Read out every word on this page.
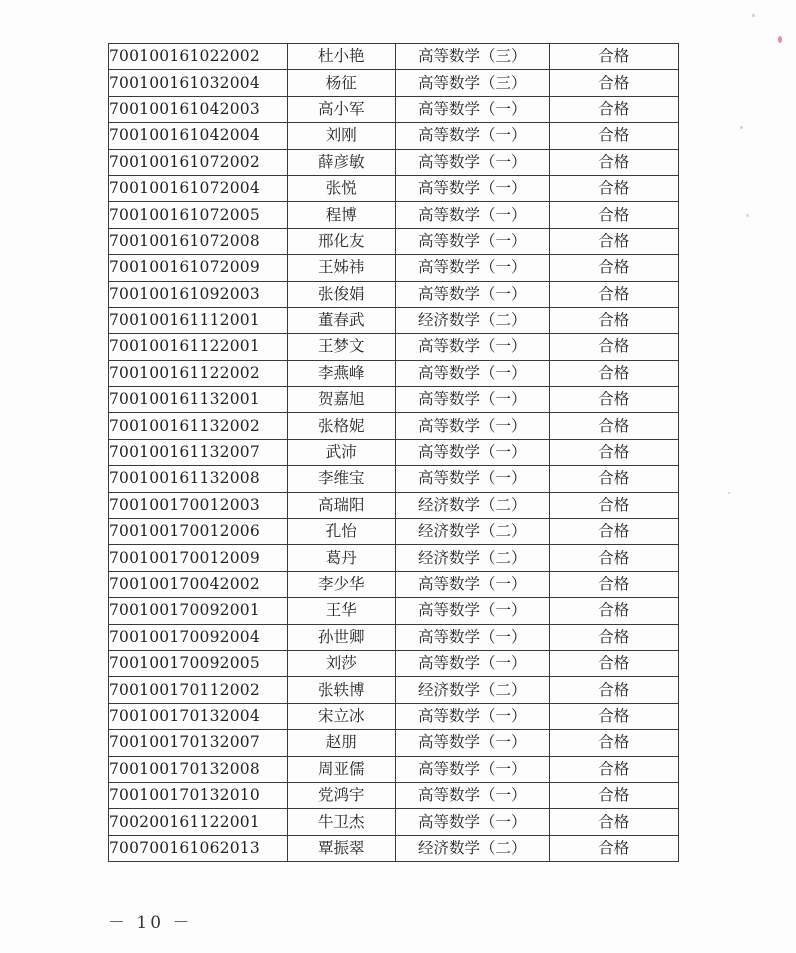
700100161022002	杜小艳	高等数学（三）	合格
700100161032004	杨征	高等数学（三）	合格
700100161042003	高小军	高等数学（一）	合格
700100161042004	刘刚	高等数学（一）	合格
700100161072002	薛彦敏	高等数学（一）	合格
700100161072004	张悦	高等数学（一）	合格
700100161072005	程博	高等数学（一）	合格
700100161072008	邢化友	高等数学（一）	合格
700100161072009	王姊祎	高等数学（一）	合格
700100161092003	张俊娟	高等数学（一）	合格
700100161112001	董春武	经济数学（二）	合格
700100161122001	王梦文	高等数学（一）	合格
700100161122002	李燕峰	高等数学（一）	合格
700100161132001	贺嘉旭	高等数学（一）	合格
700100161132002	张格妮	高等数学（一）	合格
700100161132007	武沛	高等数学（一）	合格
700100161132008	李维宝	高等数学（一）	合格
700100170012003	高瑞阳	经济数学（二）	合格
700100170012006	孔怡	经济数学（二）	合格
700100170012009	葛丹	经济数学（二）	合格
700100170042002	李少华	高等数学（一）	合格
700100170092001	王华	高等数学（一）	合格
700100170092004	孙世卿	高等数学（一）	合格
700100170092005	刘莎	高等数学（一）	合格
700100170112002	张轶博	经济数学（二）	合格
700100170132004	宋立冰	高等数学（一）	合格
700100170132007	赵朋	高等数学（一）	合格
700100170132008	周亚儒	高等数学（一）	合格
700100170132010	党鸿宇	高等数学（一）	合格
700200161122001	牛卫杰	高等数学（一）	合格
700700161062013	覃振翠	经济数学（二）	合格
－ 10 －
